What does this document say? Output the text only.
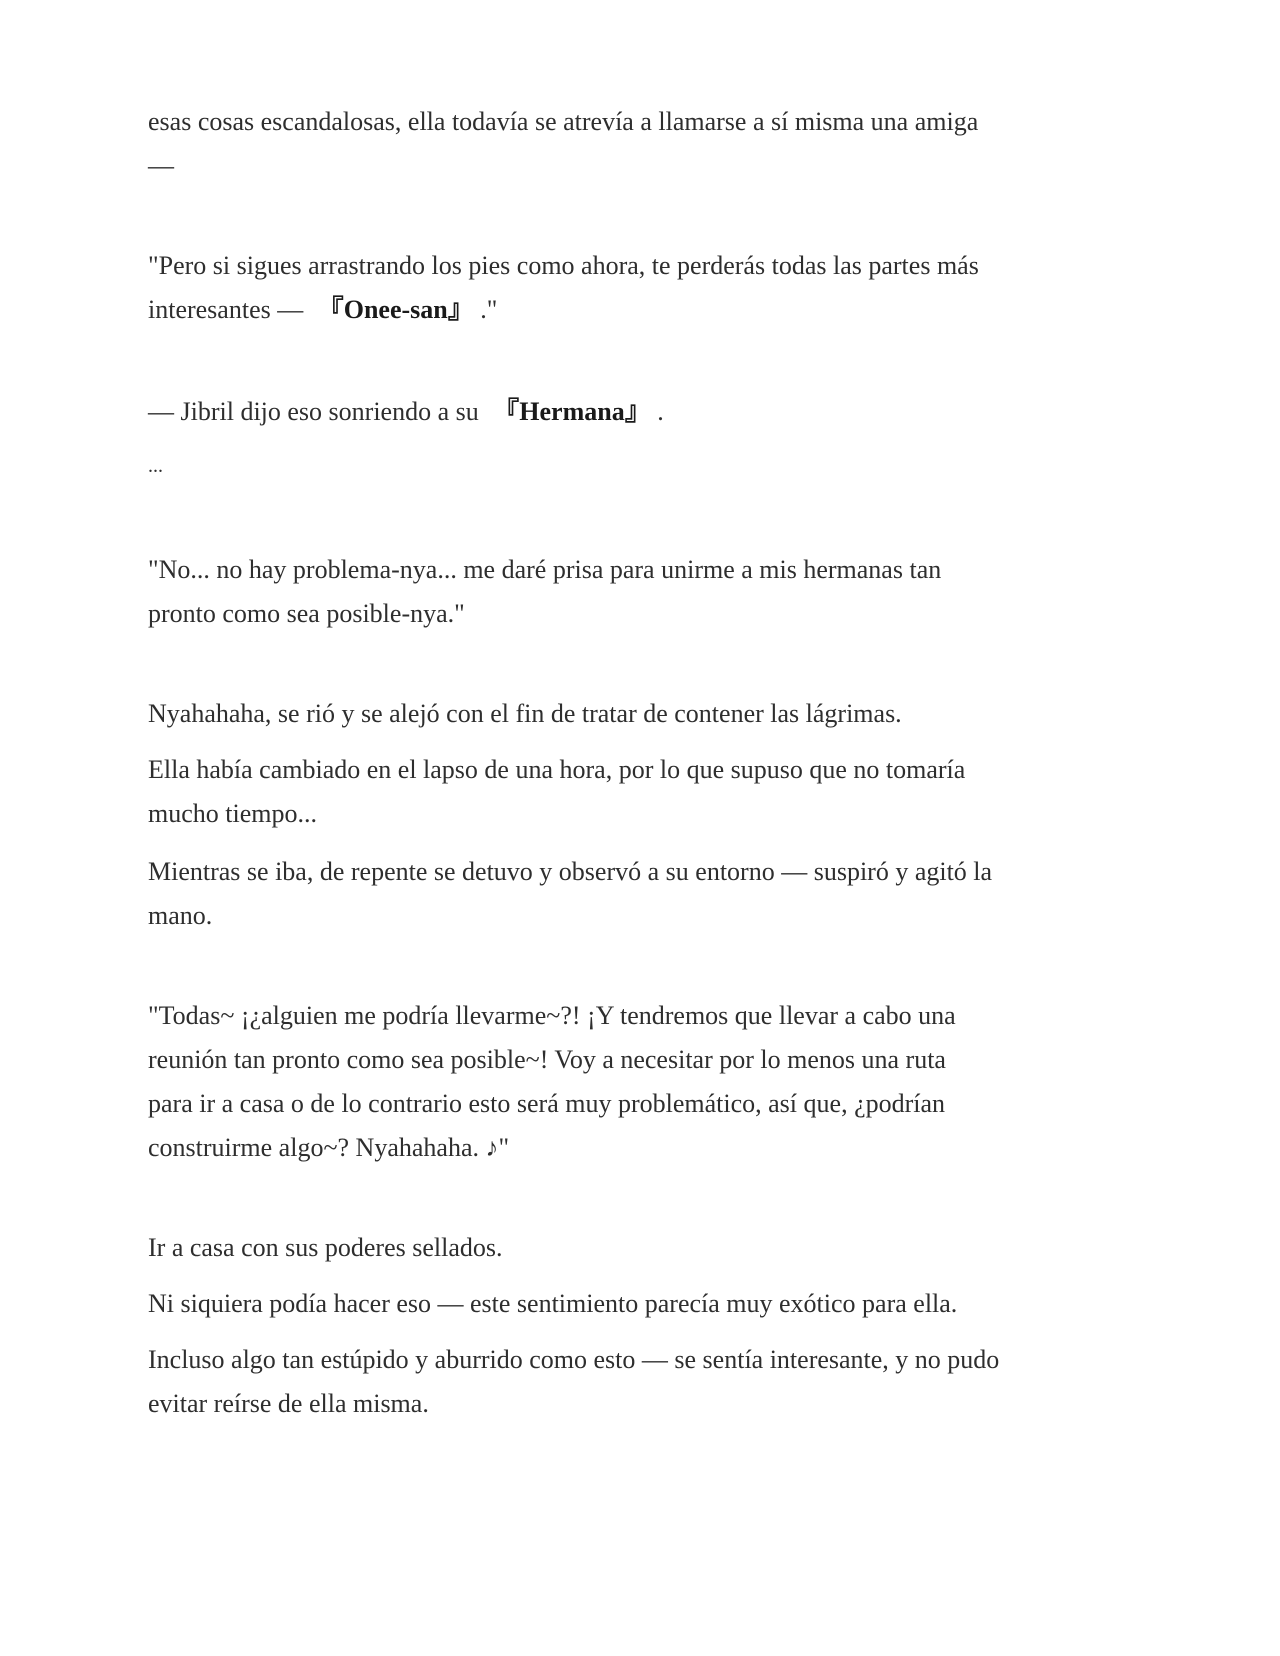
esas cosas escandalosas, ella todavía se atrevía a llamarse a sí misma una amiga
—

"Pero si sigues arrastrando los pies como ahora, te perderás todas las partes más
interesantes — 『Onee-san』 ."

— Jibril dijo eso sonriendo a su 『Hermana』 .

...

"No... no hay problema-nya... me daré prisa para unirme a mis hermanas tan
pronto como sea posible-nya."

Nyahahaha, se rió y se alejó con el fin de tratar de contener las lágrimas.

Ella había cambiado en el lapso de una hora, por lo que supuso que no tomaría
mucho tiempo...

Mientras se iba, de repente se detuvo y observó a su entorno — suspiró y agitó la
mano.

"Todas~ ¡¿alguien me podría llevarme~?! ¡Y tendremos que llevar a cabo una
reunión tan pronto como sea posible~! Voy a necesitar por lo menos una ruta
para ir a casa o de lo contrario esto será muy problemático, así que, ¿podrían
construirme algo~? Nyahahaha. ♪"

Ir a casa con sus poderes sellados.

Ni siquiera podía hacer eso — este sentimiento parecía muy exótico para ella.

Incluso algo tan estúpido y aburrido como esto — se sentía interesante, y no pudo
evitar reírse de ella misma.
